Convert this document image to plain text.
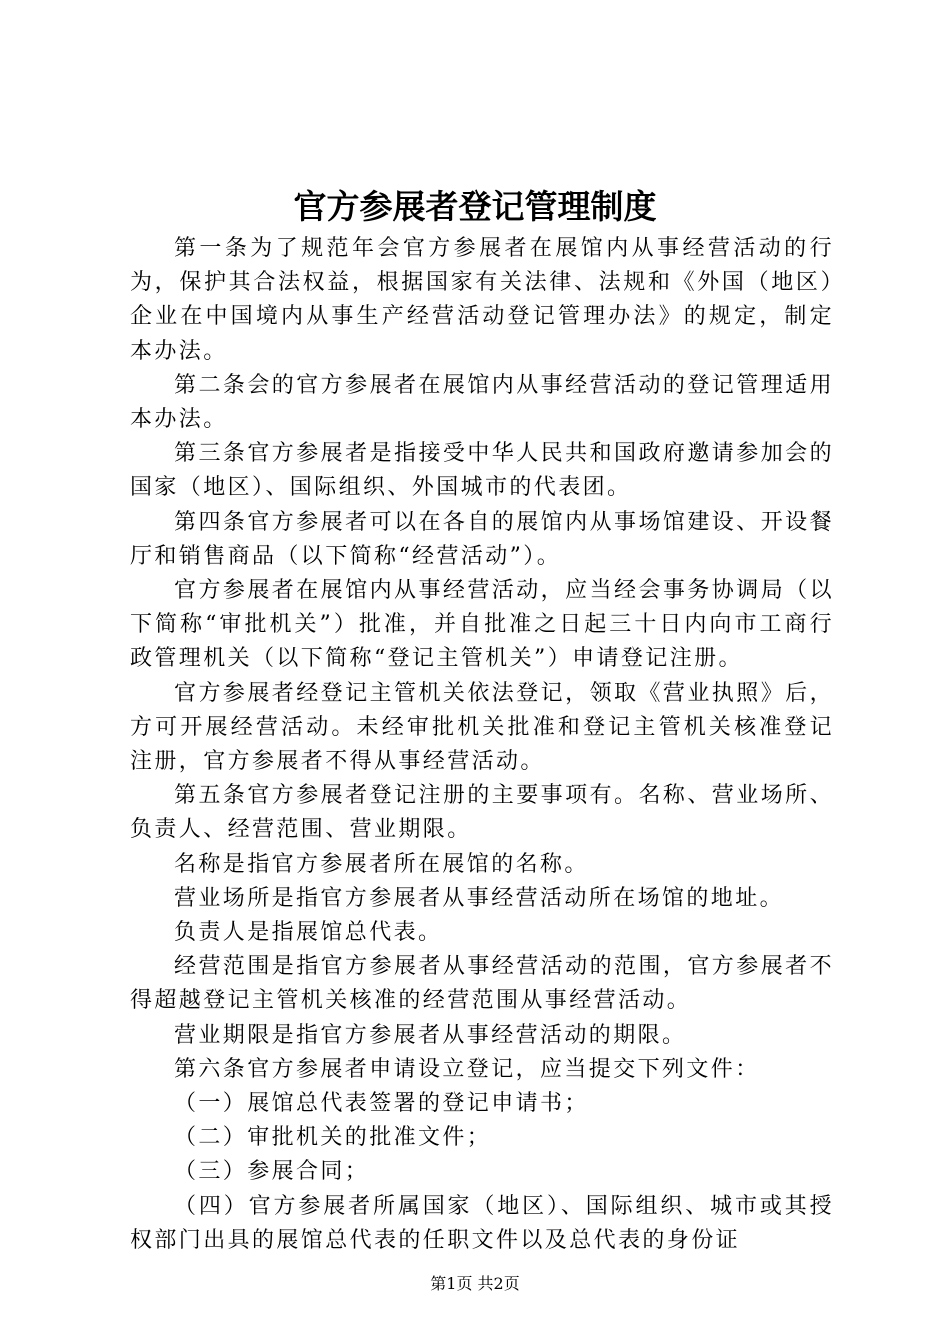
官方参展者登记管理制度

第一条为了规范年会官方参展者在展馆内从事经营活动的行为，保护其合法权益，根据国家有关法律、法规和《外国（地区）企业在中国境内从事生产经营活动登记管理办法》的规定，制定本办法。

第二条会的官方参展者在展馆内从事经营活动的登记管理适用本办法。

第三条官方参展者是指接受中华人民共和国政府邀请参加会的国家（地区）、国际组织、外国城市的代表团。

第四条官方参展者可以在各自的展馆内从事场馆建设、开设餐厅和销售商品（以下简称“经营活动”）。

官方参展者在展馆内从事经营活动，应当经会事务协调局（以下简称“审批机关”）批准，并自批准之日起三十日内向市工商行政管理机关（以下简称“登记主管机关”）申请登记注册。

官方参展者经登记主管机关依法登记，领取《营业执照》后，方可开展经营活动。未经审批机关批准和登记主管机关核准登记注册，官方参展者不得从事经营活动。

第五条官方参展者登记注册的主要事项有。名称、营业场所、负责人、经营范围、营业期限。

名称是指官方参展者所在展馆的名称。

营业场所是指官方参展者从事经营活动所在场馆的地址。

负责人是指展馆总代表。

经营范围是指官方参展者从事经营活动的范围，官方参展者不得超越登记主管机关核准的经营范围从事经营活动。

营业期限是指官方参展者从事经营活动的期限。

第六条官方参展者申请设立登记，应当提交下列文件：

（一）展馆总代表签署的登记申请书；

（二）审批机关的批准文件；

（三）参展合同；

（四）官方参展者所属国家（地区）、国际组织、城市或其授权部门出具的展馆总代表的任职文件以及总代表的身份证

第1页 共2页
